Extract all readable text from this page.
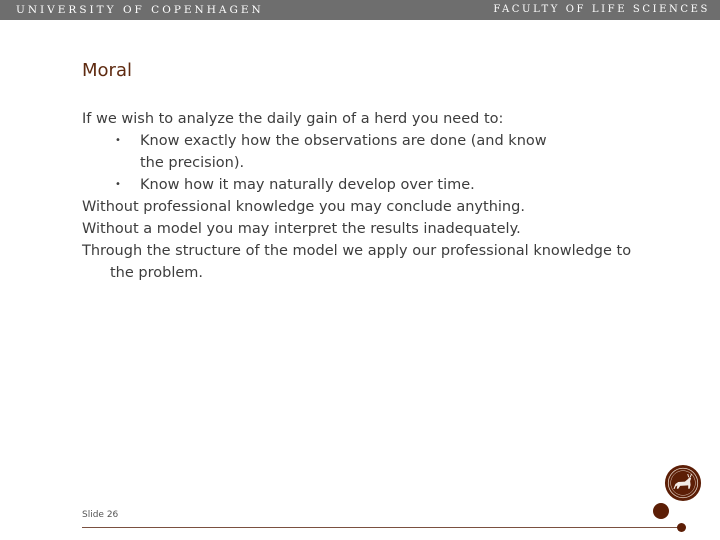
UNIVERSITY OF COPENHAGEN	FACULTY OF LIFE SCIENCES
Moral

If we wish to analyze the daily gain of a herd you need to:

• Know exactly how the observations are done (and know
the precision).
• Know how it may naturally develop over time.

Without professional knowledge you may conclude anything.

Without a model you may interpret the results inadequately.

Through the structure of the model we apply our professional knowledge to the problem.

Slide 26
